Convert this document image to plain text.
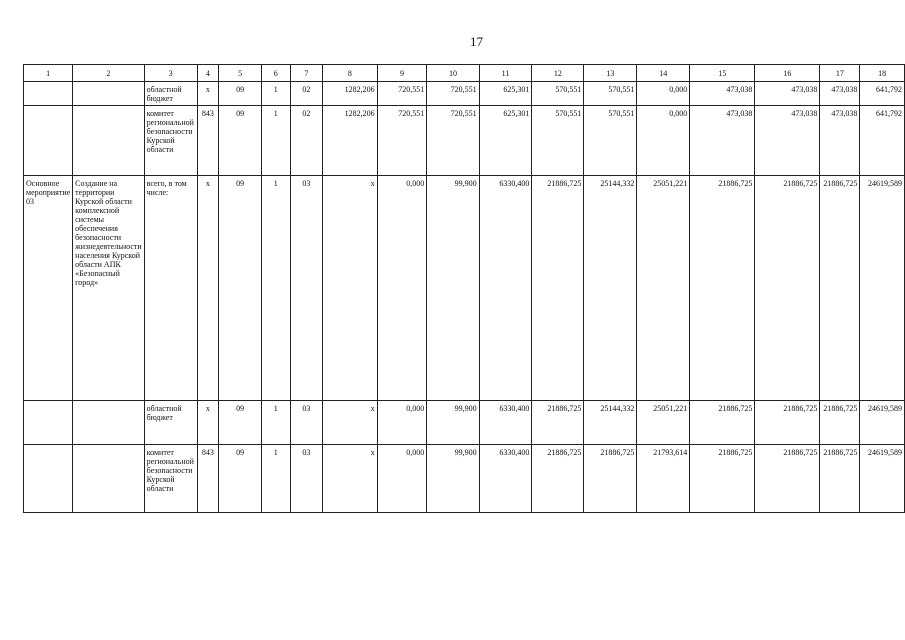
17
1	2	3	4	5	6	7	8	9	10	11	12	13	14	15	16	17	18
		областной бюджет	х	09	1	02	1282,206	720,551	720,551	625,301	570,551	570,551	0,000	473,038	473,038	473,038	641,792
		комитет региональной безопасности Курской области	843	09	1	02	1282,206	720,551	720,551	625,301	570,551	570,551	0,000	473,038	473,038	473,038	641,792
Основное мероприятие 03	Создание на территории Курской области комплексной системы обеспечения безопасности жизнедеятельности населения Курской области АПК «Безопасный город»	всего, в том числе:	х	09	1	03	х	0,000	99,900	6330,400	21886,725	25144,332	25051,221	21886,725	21886,725	21886,725	24619,589
		областной бюджет	х	09	1	03	х	0,000	99,900	6330,400	21886,725	25144,332	25051,221	21886,725	21886,725	21886,725	24619,589
		комитет региональной безопасности Курской области	843	09	1	03	х	0,000	99,900	6330,400	21886,725	21886,725	21793,614	21886,725	21886,725	21886,725	24619,589
